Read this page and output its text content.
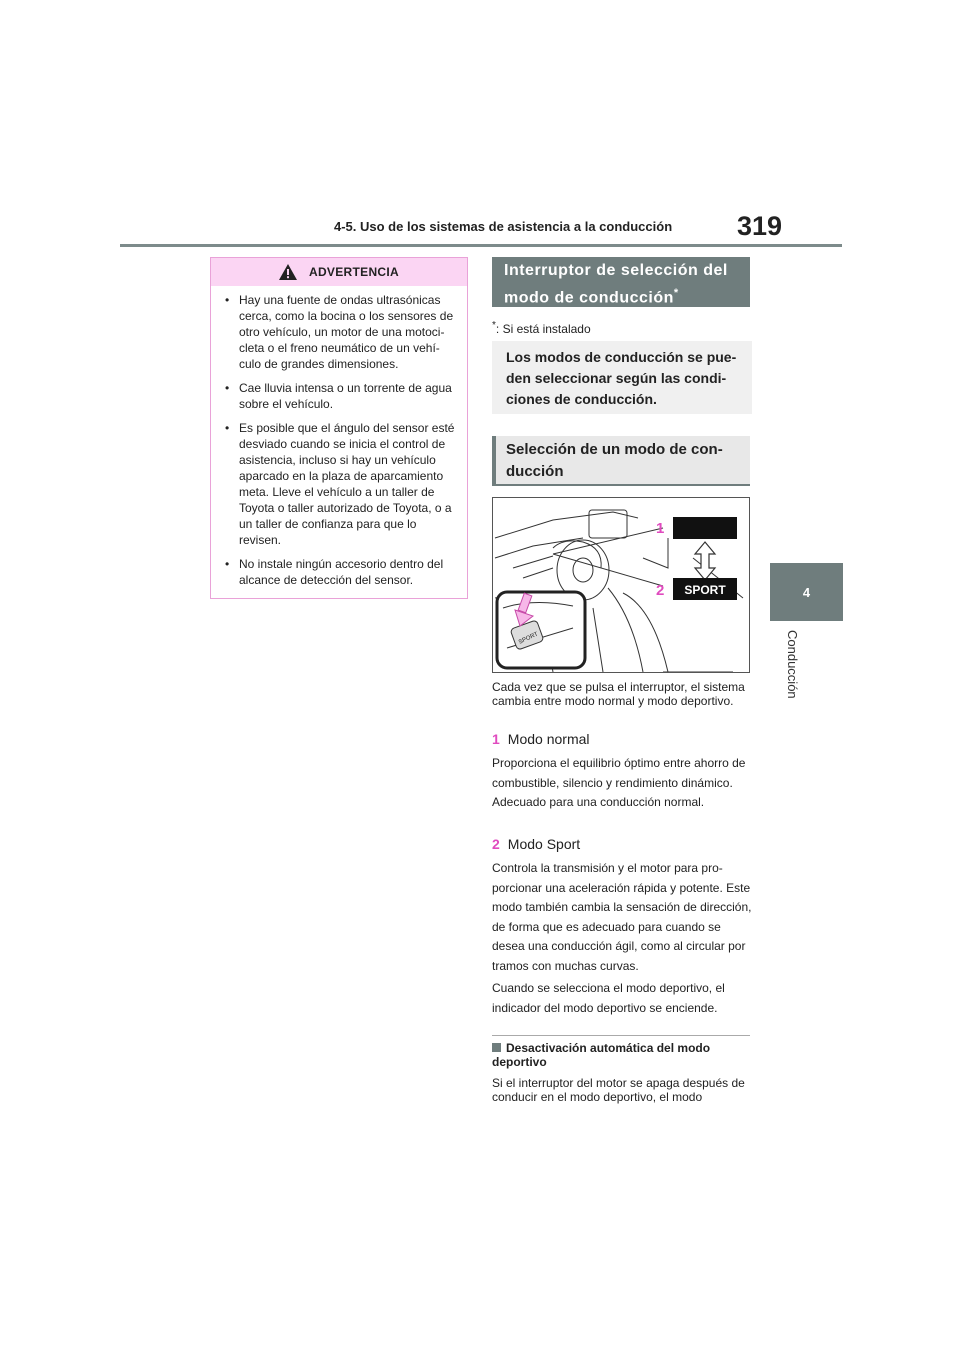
4-5. Uso de los sistemas de asistencia a la conducción 319
4
Conducción
ADVERTENCIA
• Hay una fuente de ondas ultrasónicas cerca, como la bocina o los sensores de otro vehículo, un motor de una motocicleta o el freno neumático de un vehículo de grandes dimensiones.
• Cae lluvia intensa o un torrente de agua sobre el vehículo.
• Es posible que el ángulo del sensor esté desviado cuando se inicia el control de asistencia, incluso si hay un vehículo aparcado en la plaza de aparcamiento meta. Lleve el vehículo a un taller de Toyota o taller autorizado de Toyota, o a un taller de confianza para que lo revisen.
• No instale ningún accesorio dentro del alcance de detección del sensor.
Interruptor de selección del modo de conducción*
*: Si está instalado
Los modos de conducción se pueden seleccionar según las condiciones de conducción.
Selección de un modo de conducción
SPORT
1
2 SPORT
Cada vez que se pulsa el interruptor, el sistema cambia entre modo normal y modo deportivo.
1 Modo normal
Proporciona el equilibrio óptimo entre ahorro de combustible, silencio y rendimiento dinámico. Adecuado para una conducción normal.
2 Modo Sport
Controla la transmisión y el motor para proporcionar una aceleración rápida y potente. Este modo también cambia la sensación de dirección, de forma que es adecuado para cuando se desea una conducción ágil, como al circular por tramos con muchas curvas.
Cuando se selecciona el modo deportivo, el indicador del modo deportivo se enciende.
Desactivación automática del modo deportivo
Si el interruptor del motor se apaga después de conducir en el modo deportivo, el modo
